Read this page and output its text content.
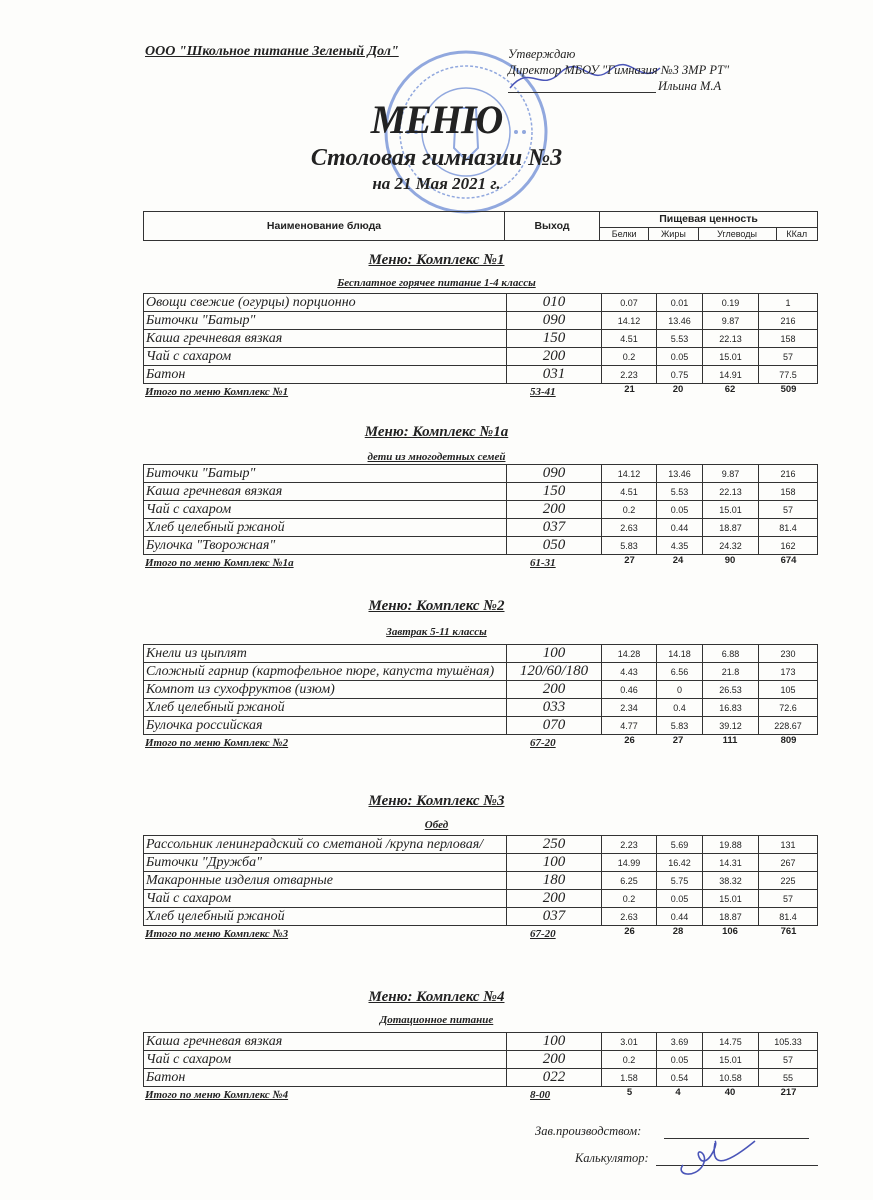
ООО "Школьное питание Зеленый Дол"	Утверждаю
Директор МБОУ "Гимназия №3 ЗМР РТ"
Ильина М.А
МЕНЮ
Столовая гимназии №3
на 21 Мая 2021 г.
Наименование блюда	Выход	Пищевая ценность			
		Белки	Жиры	Углеводы	ККал
Меню: Комплекс №1
Бесплатное горячее питание 1-4 классы
Овощи свежие (огурцы) порционно	010	0.07	0.01	0.19	1
Биточки "Батыр"	090	14.12	13.46	9.87	216
Каша гречневая вязкая	150	4.51	5.53	22.13	158
Чай с сахаром	200	0.2	0.05	15.01	57
Батон	031	2.23	0.75	14.91	77.5
Итого по меню Комплекс №1	53-41	21	20	62	509
Меню: Комплекс №1а
дети из многодетных семей
Биточки "Батыр"	090	14.12	13.46	9.87	216
Каша гречневая вязкая	150	4.51	5.53	22.13	158
Чай с сахаром	200	0.2	0.05	15.01	57
Хлеб целебный ржаной	037	2.63	0.44	18.87	81.4
Булочка "Творожная"	050	5.83	4.35	24.32	162
Итого по меню Комплекс №1а	61-31	27	24	90	674
Меню: Комплекс №2
Завтрак 5-11 классы
Кнели из цыплят	100	14.28	14.18	6.88	230
Сложный гарнир (картофельное пюре, капуста тушёная)	120/60/180	4.43	6.56	21.8	173
Компот из сухофруктов (изюм)	200	0.46	0	26.53	105
Хлеб целебный ржаной	033	2.34	0.4	16.83	72.6
Булочка российская	070	4.77	5.83	39.12	228.67
Итого по меню Комплекс №2	67-20	26	27	111	809
Меню: Комплекс №3
Обед
Рассольник ленинградский со сметаной /крупа перловая/	250	2.23	5.69	19.88	131
Биточки "Дружба"	100	14.99	16.42	14.31	267
Макаронные изделия отварные	180	6.25	5.75	38.32	225
Чай с сахаром	200	0.2	0.05	15.01	57
Хлеб целебный ржаной	037	2.63	0.44	18.87	81.4
Итого по меню Комплекс №3	67-20	26	28	106	761
Меню: Комплекс №4
Дотационное питание
Каша гречневая вязкая	100	3.01	3.69	14.75	105.33
Чай с сахаром	200	0.2	0.05	15.01	57
Батон	022	1.58	0.54	10.58	55
Итого по меню Комплекс №4	8-00	5	4	40	217
Зав.производством:
Калькулятор:
